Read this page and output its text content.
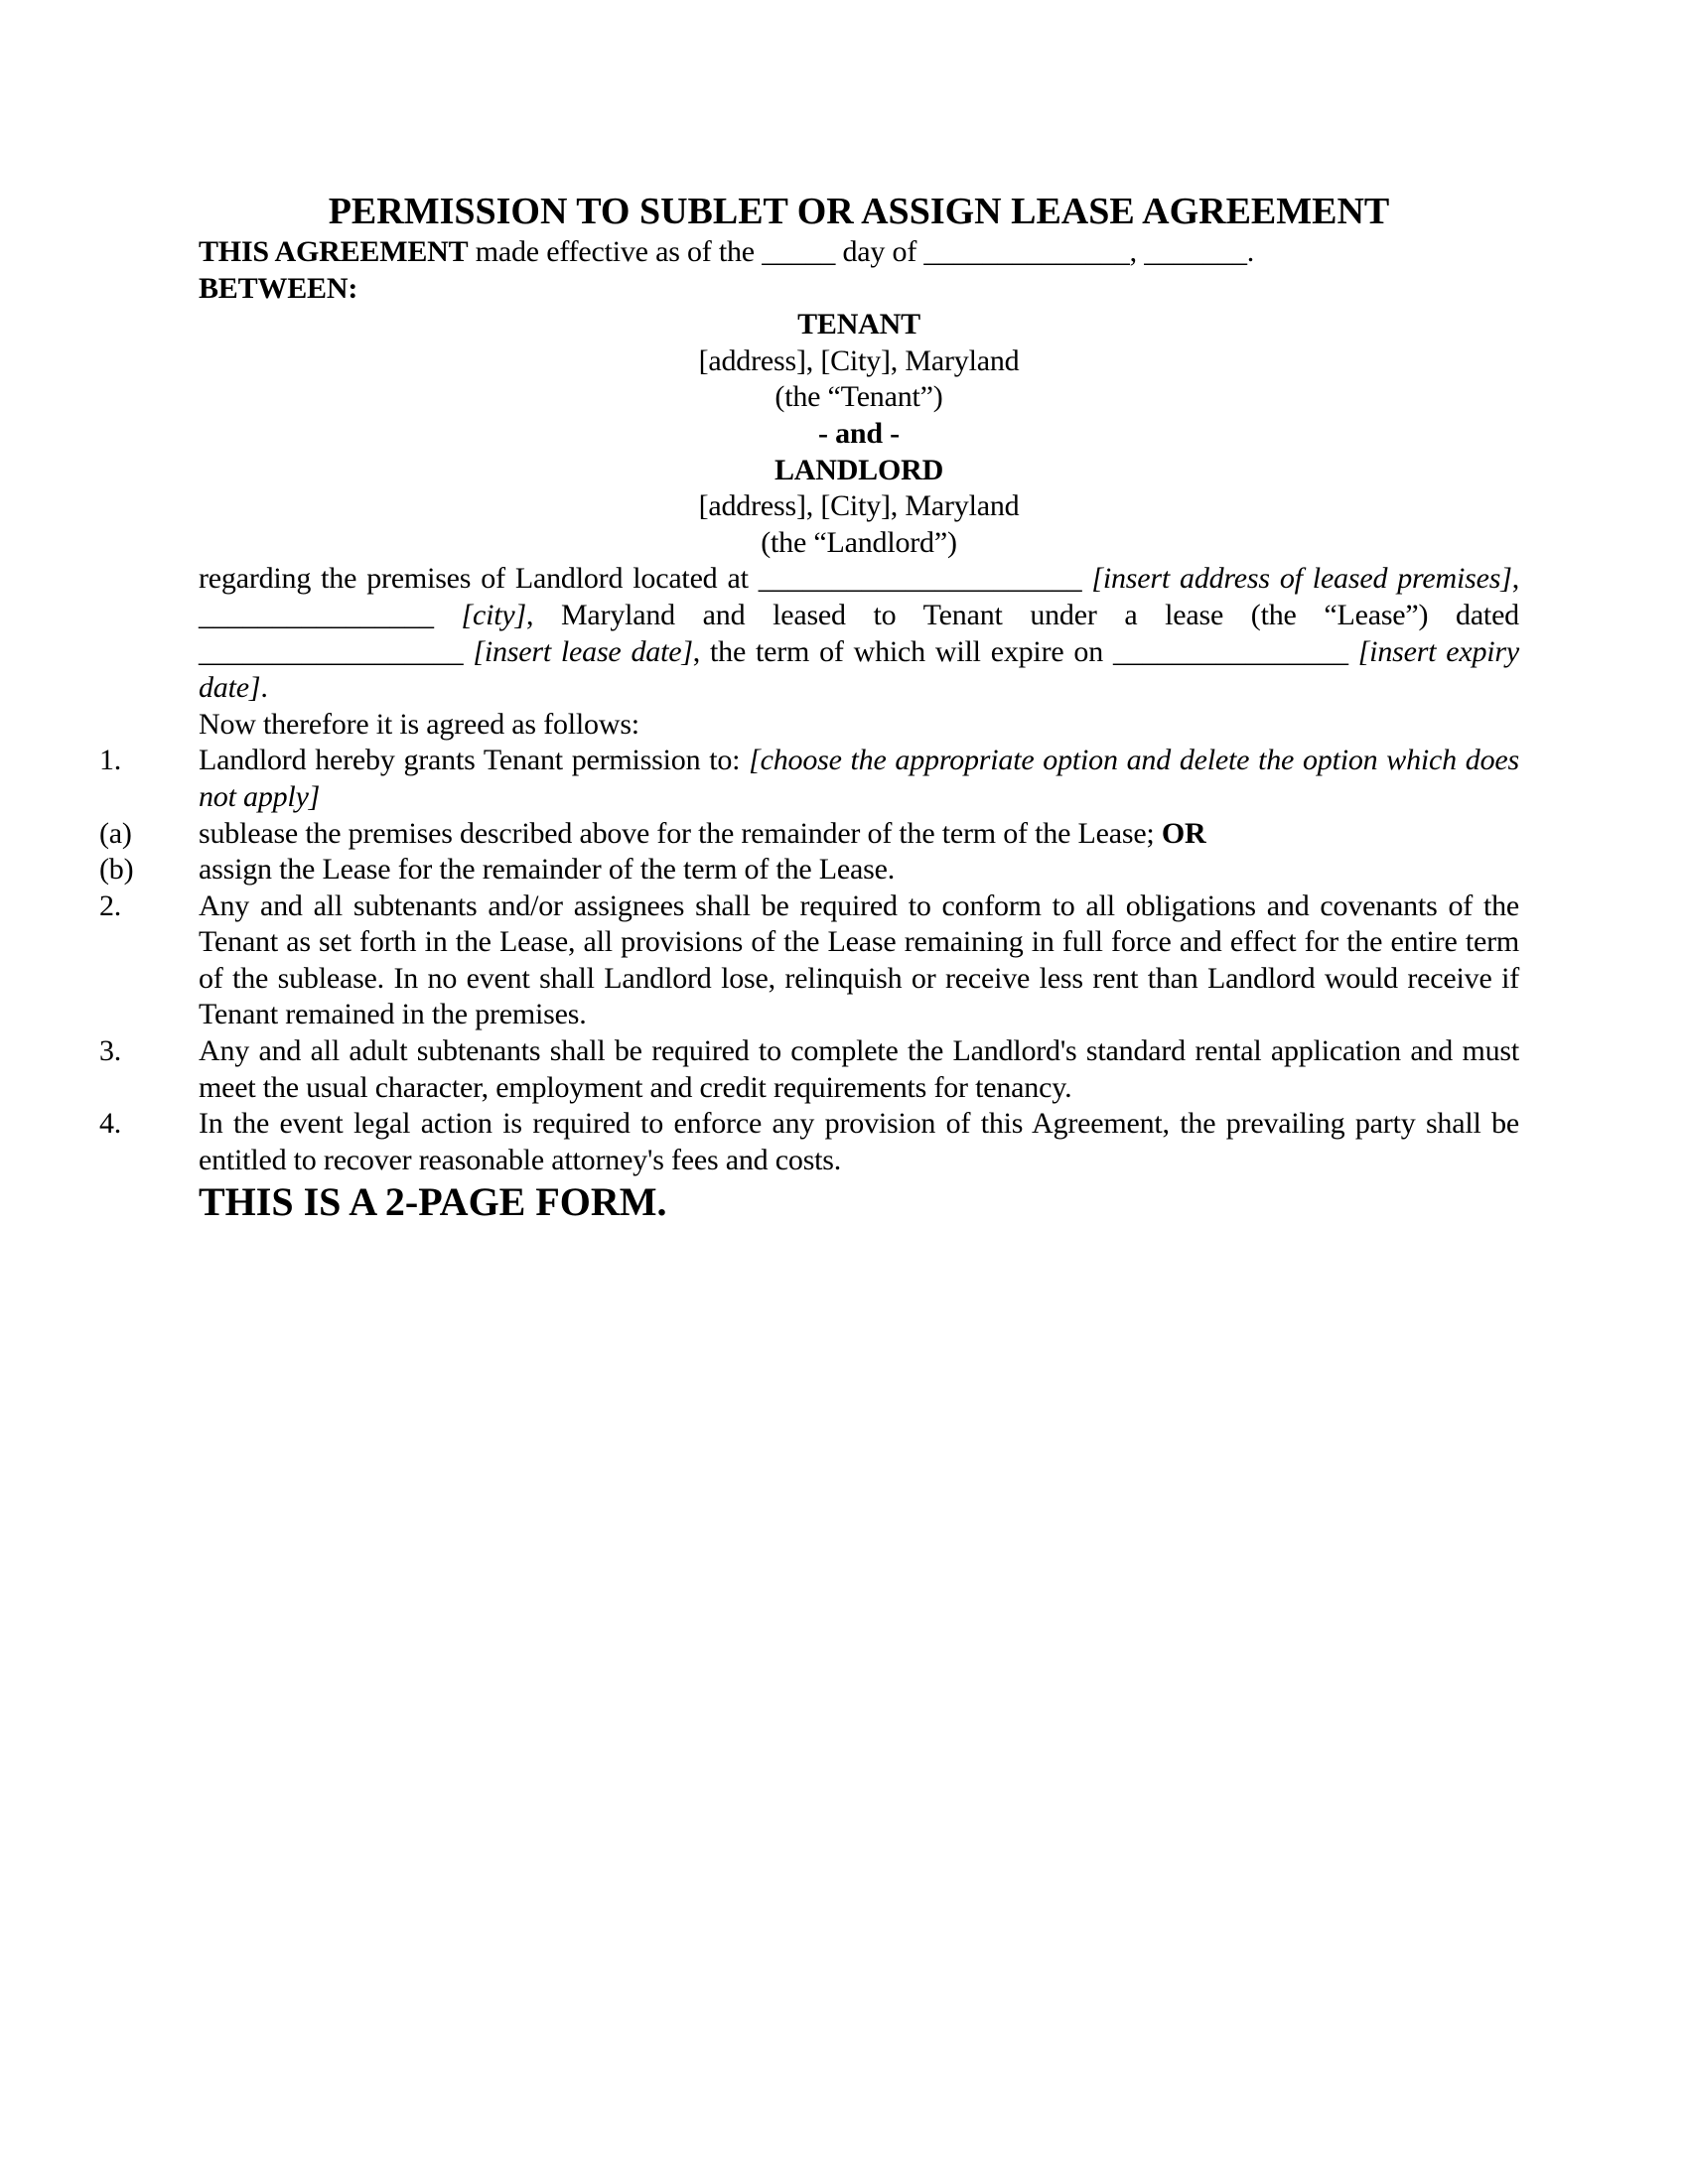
PERMISSION TO SUBLET OR ASSIGN LEASE AGREEMENT

THIS AGREEMENT made effective as of the _____ day of ______________, _______.

BETWEEN:

TENANT
[address], [City], Maryland
(the “Tenant”)
- and -
LANDLORD
[address], [City], Maryland
(the “Landlord”)

regarding the premises of Landlord located at ______________________ [insert address of leased premises], ________________ [city], Maryland and leased to Tenant under a lease (the “Lease”) dated __________________ [insert lease date], the term of which will expire on ________________ [insert expiry date].

Now therefore it is agreed as follows:

1.	Landlord hereby grants Tenant permission to: [choose the appropriate option and delete the option which does not apply]
(a) sublease the premises described above for the remainder of the term of the Lease; OR
(b) assign the Lease for the remainder of the term of the Lease.
2.	Any and all subtenants and/or assignees shall be required to conform to all obligations and covenants of the Tenant as set forth in the Lease, all provisions of the Lease remaining in full force and effect for the entire term of the sublease. In no event shall Landlord lose, relinquish or receive less rent than Landlord would receive if Tenant remained in the premises.
3.	Any and all adult subtenants shall be required to complete the Landlord's standard rental application and must meet the usual character, employment and credit requirements for tenancy.
4.	In the event legal action is required to enforce any provision of this Agreement, the prevailing party shall be entitled to recover reasonable attorney's fees and costs.

THIS IS A 2-PAGE FORM.
